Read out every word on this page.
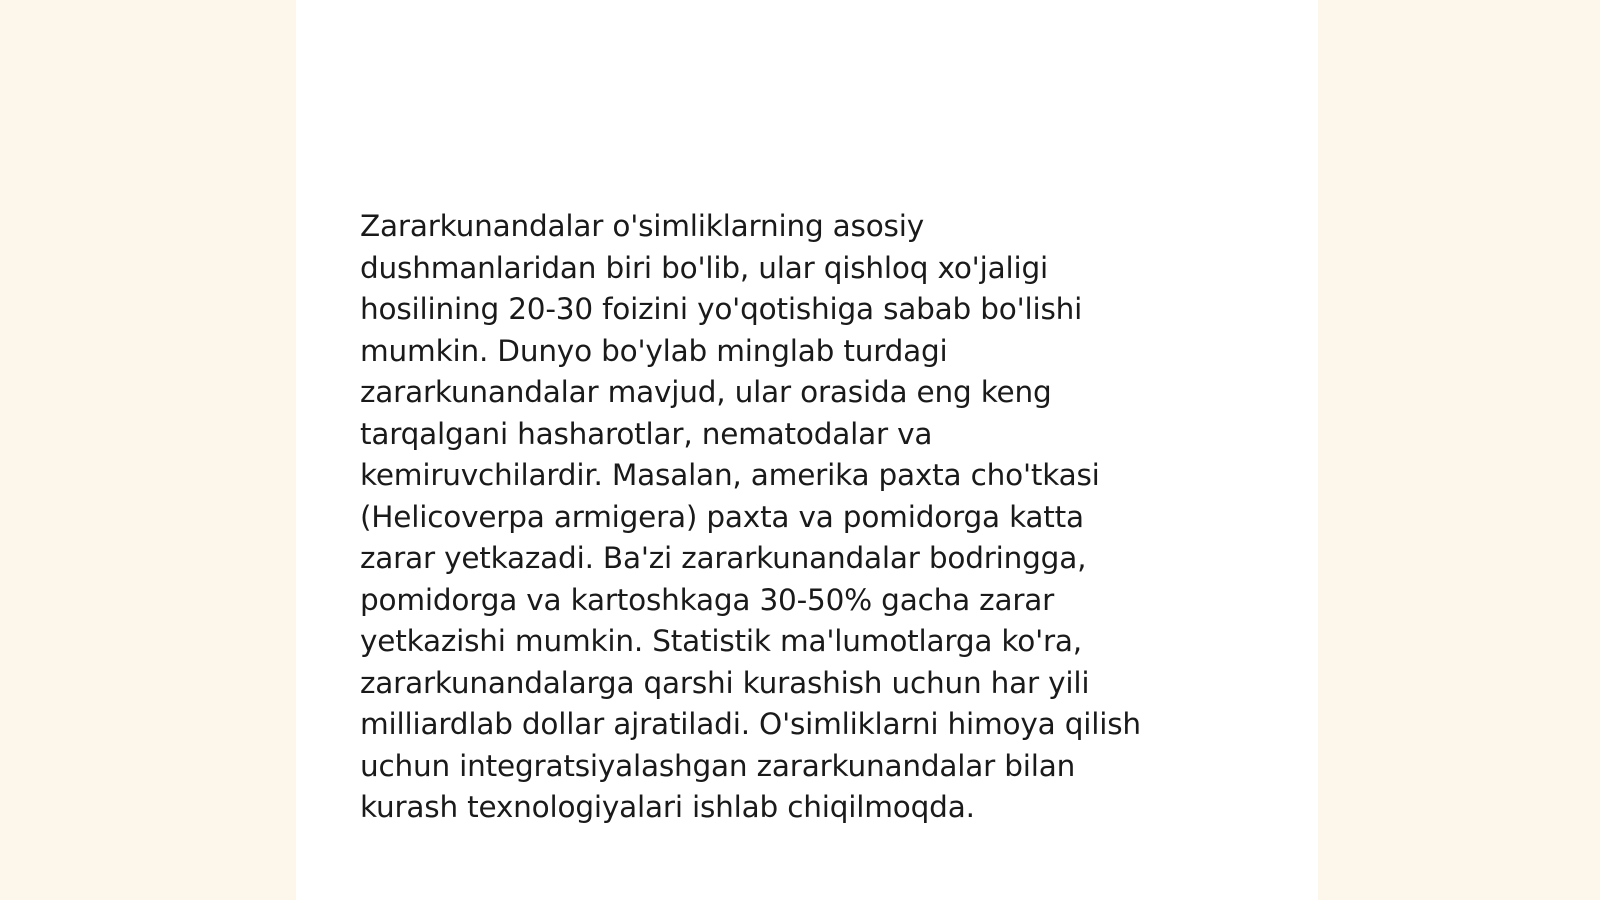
Zararkunandalar o'simliklarning asosiy
dushmanlaridan biri bo'lib, ular qishloq xo'jaligi
hosilining 20-30 foizini yo'qotishiga sabab bo'lishi
mumkin. Dunyo bo'ylab minglab turdagi
zararkunandalar mavjud, ular orasida eng keng
tarqalgani hasharotlar, nematodalar va
kemiruvchilardir. Masalan, amerika paxta cho'tkasi
(Helicoverpa armigera) paxta va pomidorga katta
zarar yetkazadi. Ba'zi zararkunandalar bodringga,
pomidorga va kartoshkaga 30-50% gacha zarar
yetkazishi mumkin. Statistik ma'lumotlarga ko'ra,
zararkunandalarga qarshi kurashish uchun har yili
milliardlab dollar ajratiladi. O'simliklarni himoya qilish
uchun integratsiyalashgan zararkunandalar bilan
kurash texnologiyalari ishlab chiqilmoqda.
